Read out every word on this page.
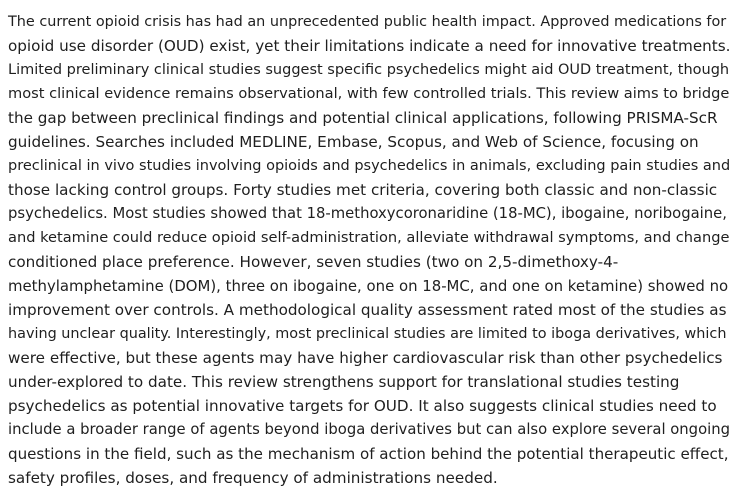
The current opioid crisis has had an unprecedented public health impact. Approved medications for
opioid use disorder (OUD) exist, yet their limitations indicate a need for innovative treatments.
Limited preliminary clinical studies suggest specific psychedelics might aid OUD treatment, though
most clinical evidence remains observational, with few controlled trials. This review aims to bridge
the gap between preclinical findings and potential clinical applications, following PRISMA-ScR
guidelines. Searches included MEDLINE, Embase, Scopus, and Web of Science, focusing on
preclinical in vivo studies involving opioids and psychedelics in animals, excluding pain studies and
those lacking control groups. Forty studies met criteria, covering both classic and non-classic
psychedelics. Most studies showed that 18-methoxycoronaridine (18-MC), ibogaine, noribogaine,
and ketamine could reduce opioid self-administration, alleviate withdrawal symptoms, and change
conditioned place preference. However, seven studies (two on 2,5-dimethoxy-4-
methylamphetamine (DOM), three on ibogaine, one on 18-MC, and one on ketamine) showed no
improvement over controls. A methodological quality assessment rated most of the studies as
having unclear quality. Interestingly, most preclinical studies are limited to iboga derivatives, which
were effective, but these agents may have higher cardiovascular risk than other psychedelics
under-explored to date. This review strengthens support for translational studies testing
psychedelics as potential innovative targets for OUD. It also suggests clinical studies need to
include a broader range of agents beyond iboga derivatives but can also explore several ongoing
questions in the field, such as the mechanism of action behind the potential therapeutic effect,
safety profiles, doses, and frequency of administrations needed.
